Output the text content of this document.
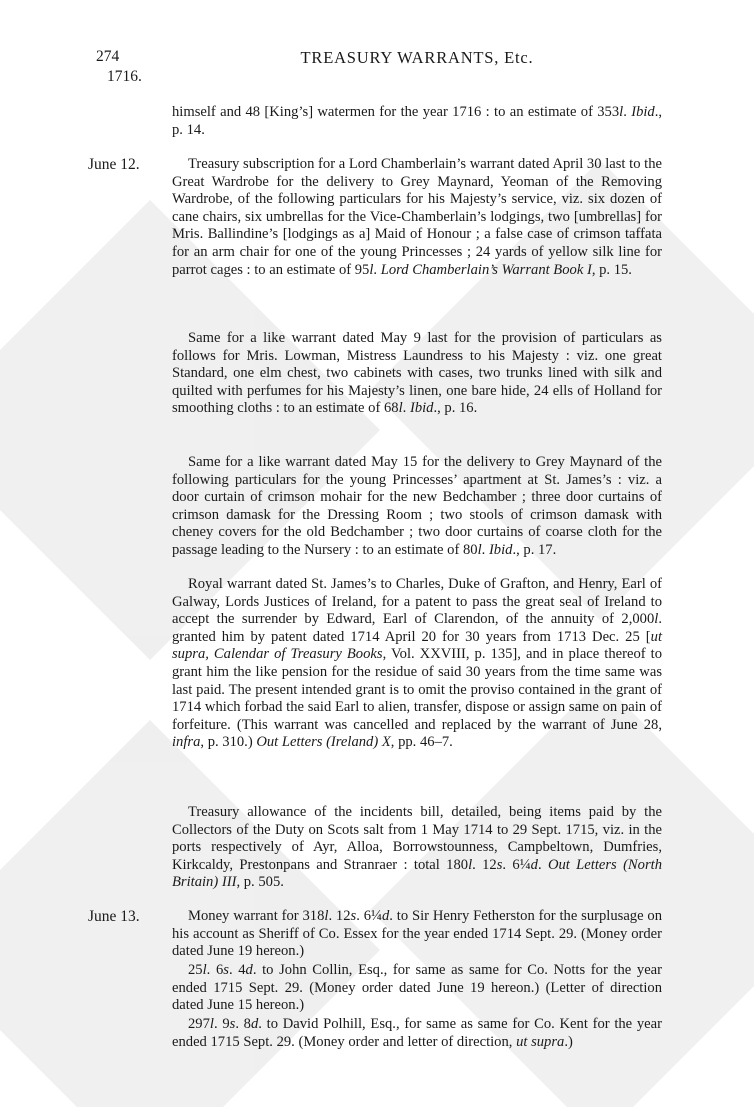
274
1716.
TREASURY WARRANTS, Etc.
himself and 48 [King’s] watermen for the year 1716 : to an estimate of 353l. Ibid., p. 14.
June 12.	Treasury subscription for a Lord Chamberlain’s warrant dated April 30 last to the Great Wardrobe for the delivery to Grey Maynard, Yeoman of the Removing Wardrobe, of the following particulars for his Majesty’s service, viz. six dozen of cane chairs, six umbrellas for the Vice-Chamberlain’s lodgings, two [umbrellas] for Mris. Ballindine’s [lodgings as a] Maid of Honour ; a false case of crimson taffata for an arm chair for one of the young Princesses ; 24 yards of yellow silk line for parrot cages : to an estimate of 95l. Lord Chamberlain’s Warrant Book I, p. 15.
Same for a like warrant dated May 9 last for the provision of particulars as follows for Mris. Lowman, Mistress Laundress to his Majesty : viz. one great Standard, one elm chest, two cabinets with cases, two trunks lined with silk and quilted with perfumes for his Majesty’s linen, one bare hide, 24 ells of Holland for smoothing cloths : to an estimate of 68l. Ibid., p. 16.
Same for a like warrant dated May 15 for the delivery to Grey Maynard of the following particulars for the young Princesses’ apartment at St. James’s : viz. a door curtain of crimson mohair for the new Bedchamber ; three door curtains of crimson damask for the Dressing Room ; two stools of crimson damask with cheney covers for the old Bedchamber ; two door curtains of coarse cloth for the passage leading to the Nursery : to an estimate of 80l. Ibid., p. 17.
Royal warrant dated St. James’s to Charles, Duke of Grafton, and Henry, Earl of Galway, Lords Justices of Ireland, for a patent to pass the great seal of Ireland to accept the surrender by Edward, Earl of Clarendon, of the annuity of 2,000l. granted him by patent dated 1714 April 20 for 30 years from 1713 Dec. 25 [ut supra, Calendar of Treasury Books, Vol. XXVIII, p. 135], and in place thereof to grant him the like pension for the residue of said 30 years from the time same was last paid. The present intended grant is to omit the proviso contained in the grant of 1714 which forbad the said Earl to alien, transfer, dispose or assign same on pain of forfeiture. (This warrant was cancelled and replaced by the warrant of June 28, infra, p. 310.) Out Letters (Ireland) X, pp. 46–7.
Treasury allowance of the incidents bill, detailed, being items paid by the Collectors of the Duty on Scots salt from 1 May 1714 to 29 Sept. 1715, viz. in the ports respectively of Ayr, Alloa, Borrowstounness, Campbeltown, Dumfries, Kirkcaldy, Prestonpans and Stranraer : total 180l. 12s. 6¼d. Out Letters (North Britain) III, p. 505.
June 13.	Money warrant for 318l. 12s. 6¼d. to Sir Henry Fetherston for the surplusage on his account as Sheriff of Co. Essex for the year ended 1714 Sept. 29. (Money order dated June 19 hereon.)
25l. 6s. 4d. to John Collin, Esq., for same as same for Co. Notts for the year ended 1715 Sept. 29. (Money order dated June 19 hereon.) (Letter of direction dated June 15 hereon.)
297l. 9s. 8d. to David Polhill, Esq., for same as same for Co. Kent for the year ended 1715 Sept. 29. (Money order and letter of direction, ut supra.)
